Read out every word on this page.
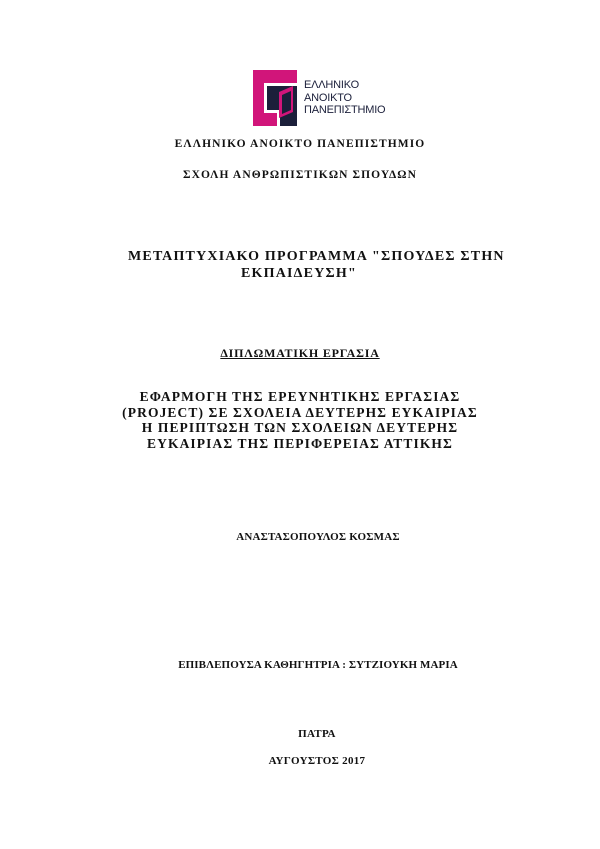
ΕΛΛΗΝΙΚΟ
ΑΝΟΙΚΤΟ
ΠΑΝΕΠΙΣΤΗΜΙΟ
ΕΛΛΗΝΙΚΟ ΑΝΟΙΚΤΟ ΠΑΝΕΠΙΣΤΗΜΙΟ
ΣΧΟΛΗ ΑΝΘΡΩΠΙΣΤΙΚΩΝ ΣΠΟΥΔΩΝ
ΜΕΤΑΠΤΥΧΙΑΚΟ ΠΡΟΓΡΑΜΜΑ "ΣΠΟΥΔΕΣ ΣΤΗΝ
ΕΚΠΑΙΔΕΥΣΗ"
ΔΙΠΛΩΜΑΤΙΚΗ ΕΡΓΑΣΙΑ
ΕΦΑΡΜΟΓΗ ΤΗΣ ΕΡΕΥΝΗΤΙΚΗΣ ΕΡΓΑΣΙΑΣ
(PROJECT) ΣΕ ΣΧΟΛΕΙΑ ΔΕΥΤΕΡΗΣ ΕΥΚΑΙΡΙΑΣ
Η ΠΕΡΙΠΤΩΣΗ ΤΩΝ ΣΧΟΛΕΙΩΝ ΔΕΥΤΕΡΗΣ
ΕΥΚΑΙΡΙΑΣ ΤΗΣ ΠΕΡΙΦΕΡΕΙΑΣ ΑΤΤΙΚΗΣ
ΑΝΑΣΤΑΣΟΠΟΥΛΟΣ ΚΟΣΜΑΣ
ΕΠΙΒΛΕΠΟΥΣΑ ΚΑΘΗΓΗΤΡΙΑ : ΣΥΤΖΙΟΥΚΗ ΜΑΡΙΑ
ΠΑΤΡΑ
ΑΥΓΟΥΣΤΟΣ 2017
